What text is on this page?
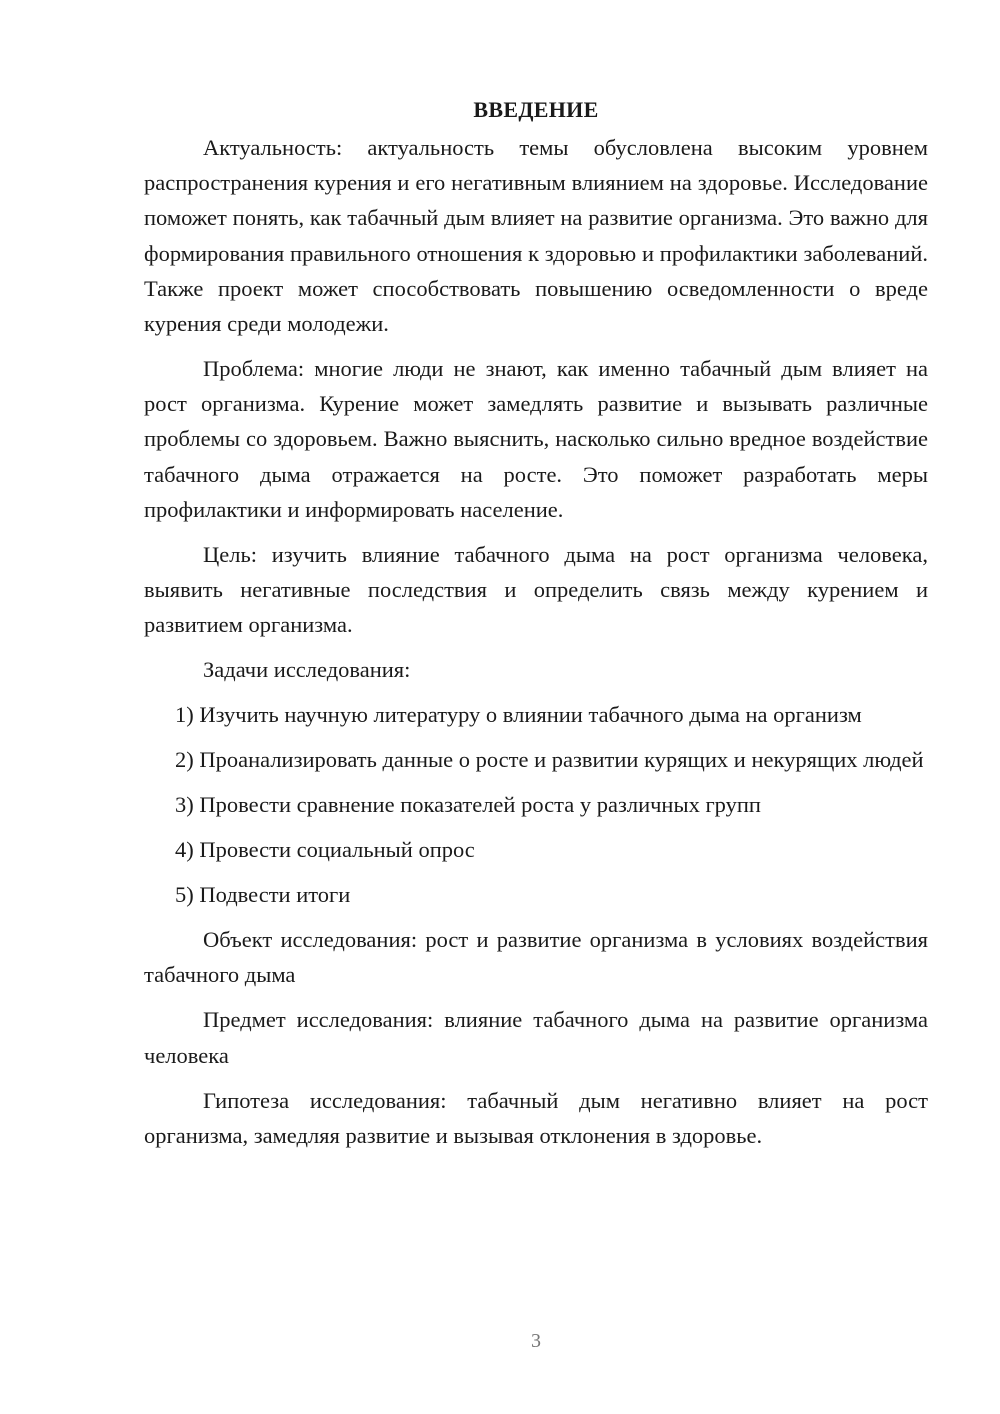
ВВЕДЕНИЕ

Актуальность: актуальность темы обусловлена высоким уровнем распространения курения и его негативным влиянием на здоровье. Исследование поможет понять, как табачный дым влияет на развитие организма. Это важно для формирования правильного отношения к здоровью и профилактики заболеваний. Также проект может способствовать повышению осведомленности о вреде курения среди молодежи.

Проблема: многие люди не знают, как именно табачный дым влияет на рост организма. Курение может замедлять развитие и вызывать различные проблемы со здоровьем. Важно выяснить, насколько сильно вредное воздействие табачного дыма отражается на росте. Это поможет разработать меры профилактики и информировать население.

Цель: изучить влияние табачного дыма на рост организма человека, выявить негативные последствия и определить связь между курением и развитием организма.

Задачи исследования:

1) Изучить научную литературу о влиянии табачного дыма на организм

2) Проанализировать данные о росте и развитии курящих и некурящих людей

3) Провести сравнение показателей роста у различных групп

4) Провести социальный опрос

5) Подвести итоги

Объект исследования: рост и развитие организма в условиях воздействия табачного дыма

Предмет исследования: влияние табачного дыма на развитие организма человека

Гипотеза исследования: табачный дым негативно влияет на рост организма, замедляя развитие и вызывая отклонения в здоровье.

3
